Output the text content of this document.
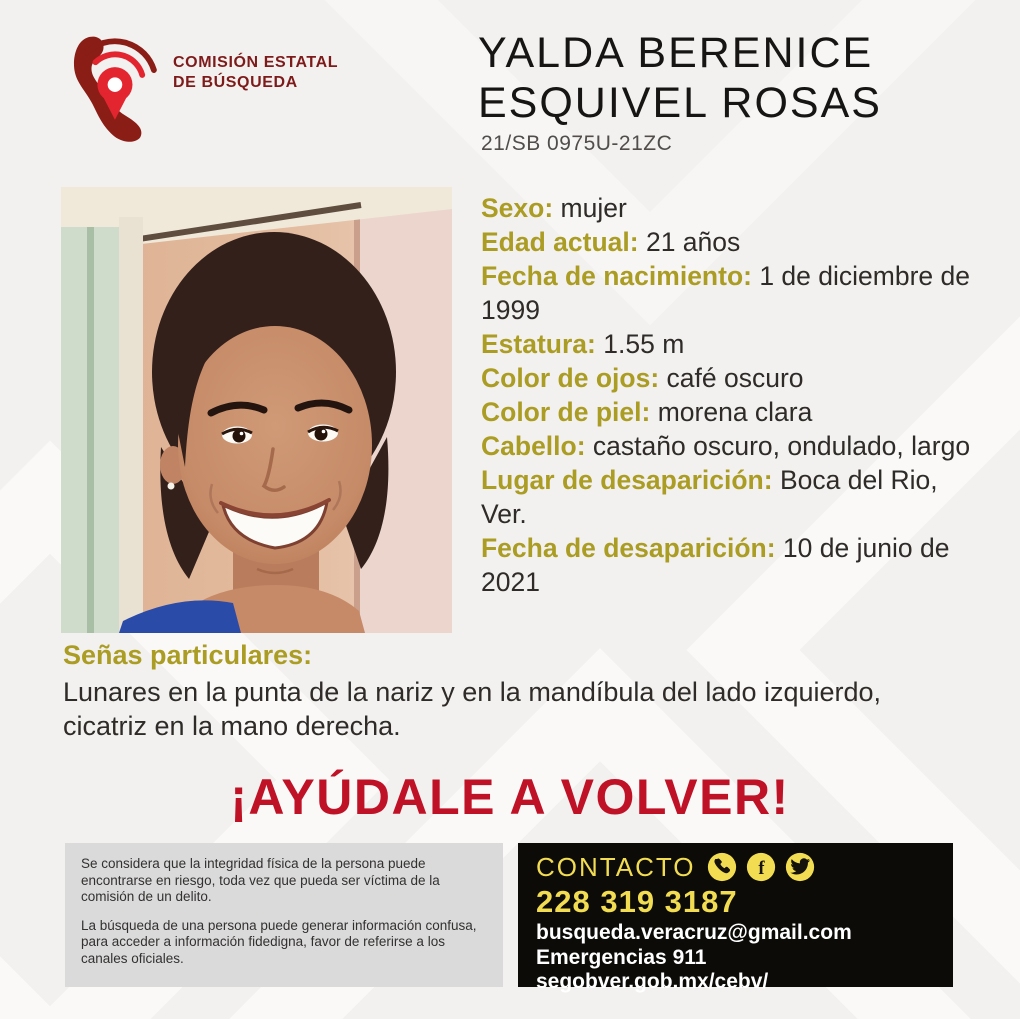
COMISIÓN ESTATAL
DE BÚSQUEDA
YALDA BERENICE
ESQUIVEL ROSAS
21/SB 0975U-21ZC
Sexo: mujer
Edad actual: 21 años
Fecha de nacimiento: 1 de diciembre de 1999
Estatura: 1.55 m
Color de ojos: café oscuro
Color de piel: morena clara
Cabello: castaño oscuro, ondulado, largo
Lugar de desaparición: Boca del Rio, Ver.
Fecha de desaparición: 10 de junio de 2021
Señas particulares:
Lunares en la punta de la nariz y en la mandíbula del lado izquierdo, cicatriz en la mano derecha.
¡AYÚDALE A VOLVER!

Se considera que la integridad física de la persona puede encontrarse en riesgo, toda vez que pueda ser víctima de la comisión de un delito.

La búsqueda de una persona puede generar información confusa, para acceder a información fidedigna, favor de referirse a los canales oficiales.

CONTACTO	f
228 319 3187
busqueda.veracruz@gmail.com
Emergencias 911
segobver.gob.mx/cebv/
